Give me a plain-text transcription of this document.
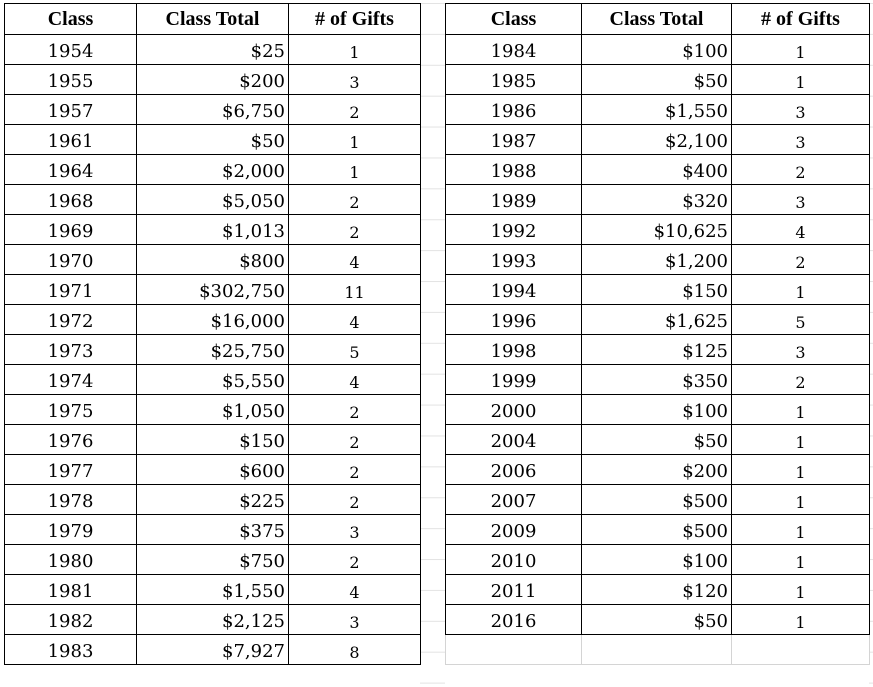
Class	Class Total	# of Gifts
1954	$25	1
1955	$200	3
1957	$6,750	2
1961	$50	1
1964	$2,000	1
1968	$5,050	2
1969	$1,013	2
1970	$800	4
1971	$302,750	11
1972	$16,000	4
1973	$25,750	5
1974	$5,550	4
1975	$1,050	2
1976	$150	2
1977	$600	2
1978	$225	2
1979	$375	3
1980	$750	2
1981	$1,550	4
1982	$2,125	3
1983	$7,927	8
Class	Class Total	# of Gifts
1984	$100	1
1985	$50	1
1986	$1,550	3
1987	$2,100	3
1988	$400	2
1989	$320	3
1992	$10,625	4
1993	$1,200	2
1994	$150	1
1996	$1,625	5
1998	$125	3
1999	$350	2
2000	$100	1
2004	$50	1
2006	$200	1
2007	$500	1
2009	$500	1
2010	$100	1
2011	$120	1
2016	$50	1
